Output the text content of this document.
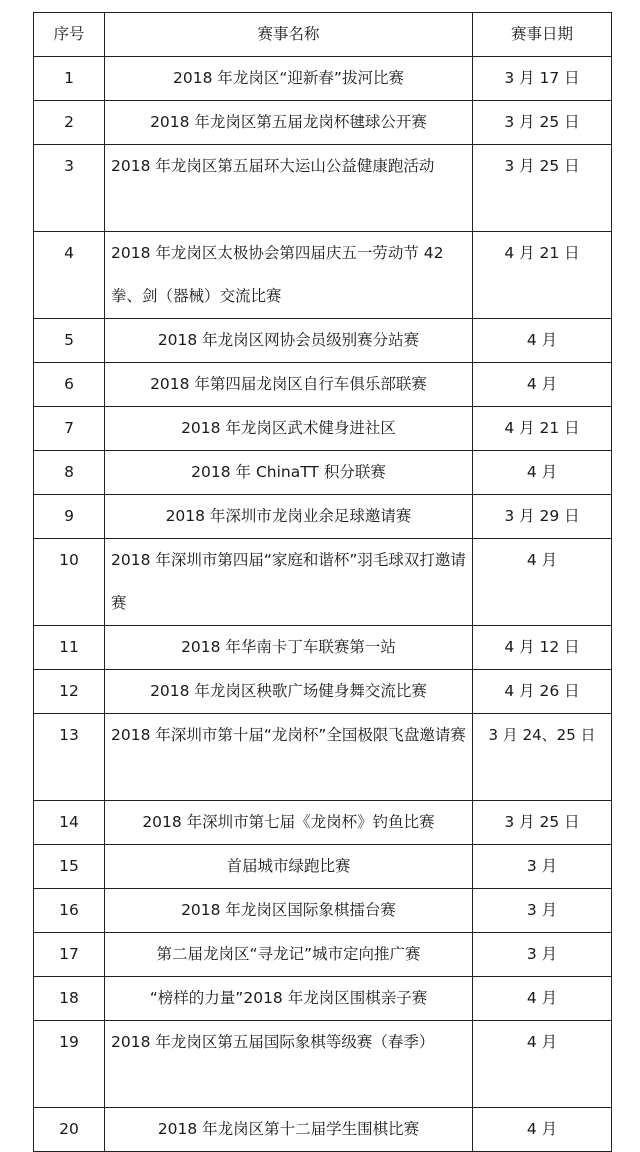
序号	赛事名称	赛事日期
1	2018 年龙岗区“迎新春”拔河比赛	3 月 17 日
2	2018 年龙岗区第五届龙岗杯毽球公开赛	3 月 25 日
3	2018 年龙岗区第五届环大运山公益健康跑活动	3 月 25 日
4	2018 年龙岗区太极协会第四届庆五一劳动节 42 拳、剑（器械）交流比赛	4 月 21 日
5	2018 年龙岗区网协会员级别赛分站赛	4 月
6	2018 年第四届龙岗区自行车俱乐部联赛	4 月
7	2018 年龙岗区武术健身进社区	4 月 21 日
8	2018 年 ChinaTT 积分联赛	4 月
9	2018 年深圳市龙岗业余足球邀请赛	3 月 29 日
10	2018 年深圳市第四届“家庭和谐杯”羽毛球双打邀请赛	4 月
11	2018 年华南卡丁车联赛第一站	4 月 12 日
12	2018 年龙岗区秧歌广场健身舞交流比赛	4 月 26 日
13	2018 年深圳市第十届“龙岗杯”全国极限飞盘邀请赛	3 月 24、25 日
14	2018 年深圳市第七届《龙岗杯》钓鱼比赛	3 月 25 日
15	首届城市绿跑比赛	3 月
16	2018 年龙岗区国际象棋擂台赛	3 月
17	第二届龙岗区“寻龙记”城市定向推广赛	3 月
18	“榜样的力量”2018 年龙岗区围棋亲子赛	4 月
19	2018 年龙岗区第五届国际象棋等级赛（春季）	4 月
20	2018 年龙岗区第十二届学生围棋比赛	4 月
